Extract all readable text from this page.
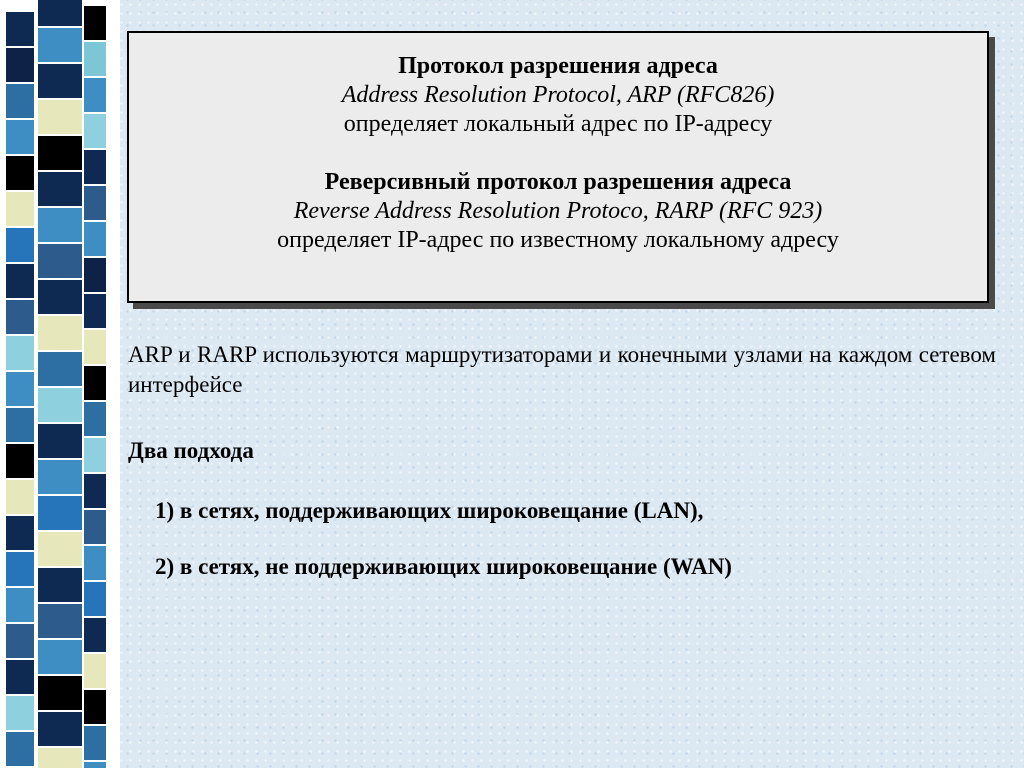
Протокол разрешения адреса
Address Resolution Protocol, ARP (RFC826)
определяет локальный адрес по IP-адресу
Реверсивный протокол разрешения адреса
Reverse Address Resolution Protoco, RARP (RFC 923)
определяет IP-адрес по известному локальному адресу

ARP и RARP используются маршрутизаторами и конечными узлами на каждом сетевом интерфейсе

Два подхода

1) в сетях, поддерживающих широковещание (LAN),

2) в сетях, не поддерживающих широковещание (WAN)
